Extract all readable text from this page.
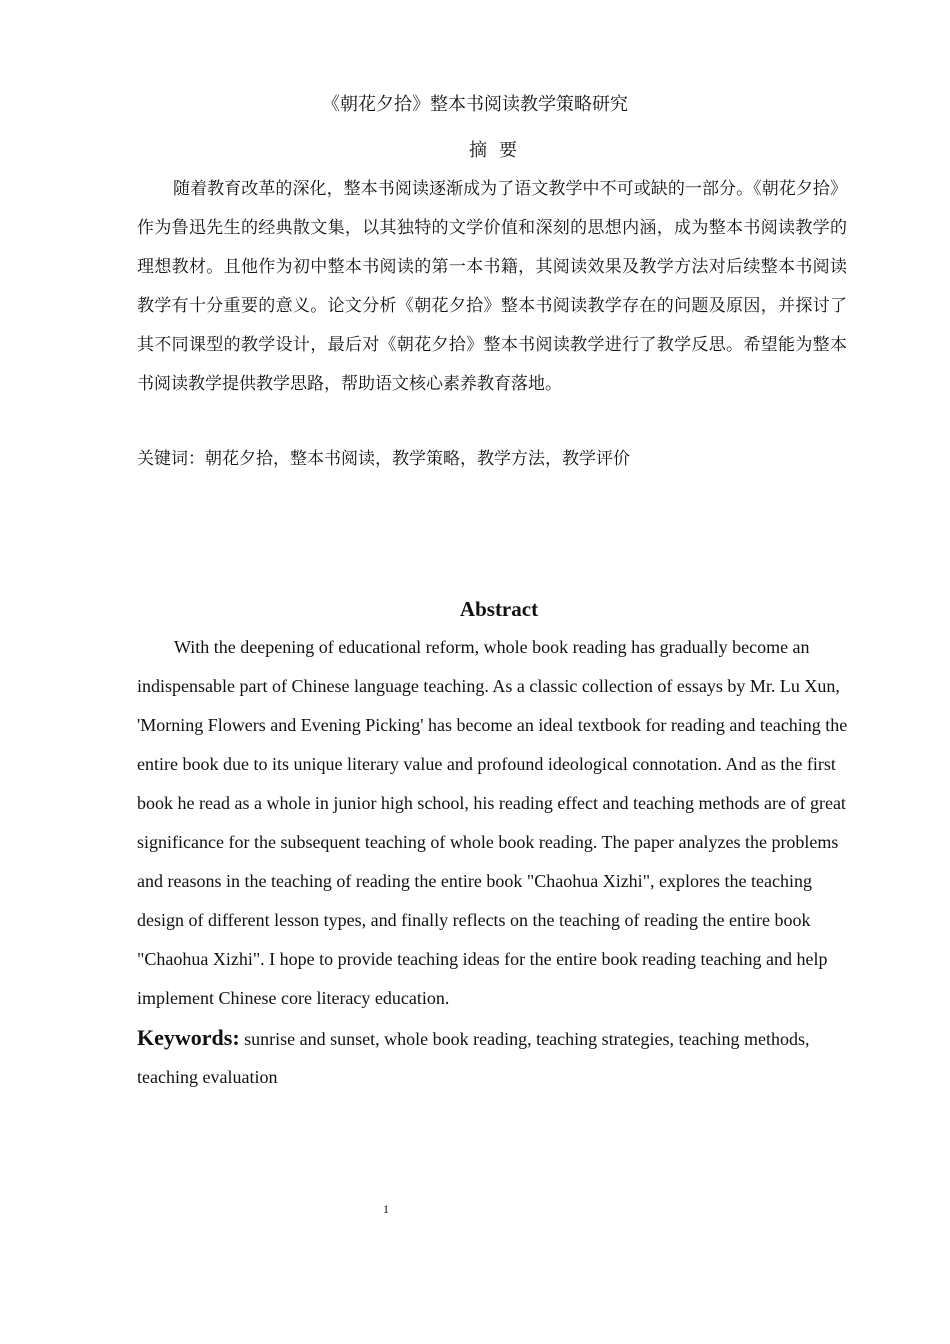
《朝花夕拾》整本书阅读教学策略研究
摘要
随着教育改革的深化，整本书阅读逐渐成为了语文教学中不可或缺的一部分。《朝花夕拾》作为鲁迅先生的经典散文集，以其独特的文学价值和深刻的思想内涵，成为整本书阅读教学的理想教材。且他作为初中整本书阅读的第一本书籍，其阅读效果及教学方法对后续整本书阅读教学有十分重要的意义。论文分析《朝花夕拾》整本书阅读教学存在的问题及原因，并探讨了其不同课型的教学设计，最后对《朝花夕拾》整本书阅读教学进行了教学反思。希望能为整本书阅读教学提供教学思路，帮助语文核心素养教育落地。
关键词：朝花夕拾，整本书阅读，教学策略，教学方法，教学评价
Abstract
With the deepening of educational reform, whole book reading has gradually become an indispensable part of Chinese language teaching. As a classic collection of essays by Mr. Lu Xun, 'Morning Flowers and Evening Picking' has become an ideal textbook for reading and teaching the entire book due to its unique literary value and profound ideological connotation. And as the first book he read as a whole in junior high school, his reading effect and teaching methods are of great significance for the subsequent teaching of whole book reading. The paper analyzes the problems and reasons in the teaching of reading the entire book "Chaohua Xizhi", explores the teaching design of different lesson types, and finally reflects on the teaching of reading the entire book "Chaohua Xizhi". I hope to provide teaching ideas for the entire book reading teaching and help implement Chinese core literacy education.
Keywords: sunrise and sunset, whole book reading, teaching strategies, teaching methods, teaching evaluation
1
